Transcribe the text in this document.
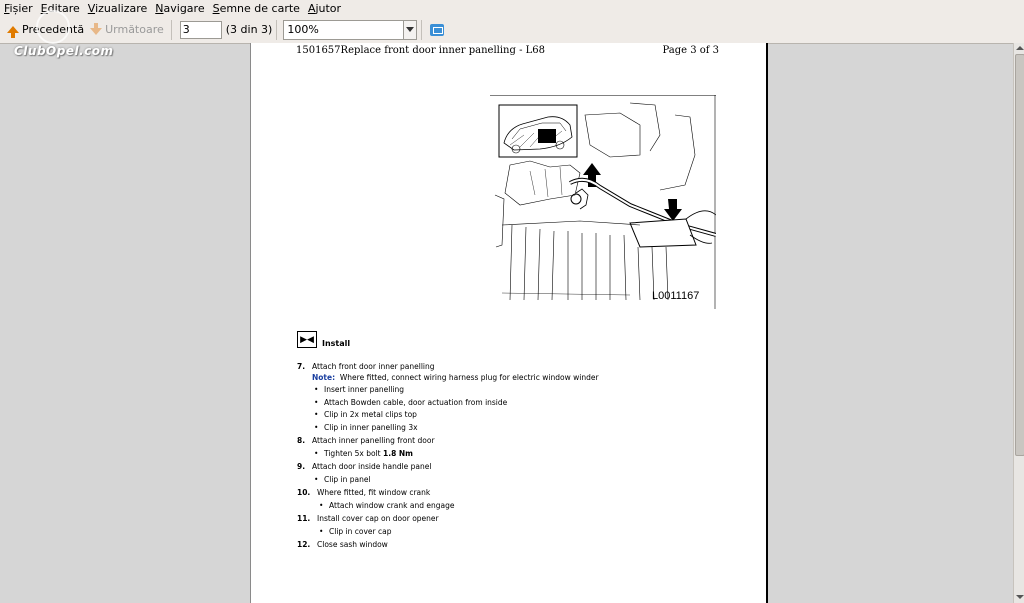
Fișier Editare Vizualizare Navigare Semne de carte Ajutor
Precedentă Următoare
3	(3 din 3)	100%
ClubOpel.com	1501657Replace front door inner panelling - L68	Page 3 of 3
L0011167
▶◀	Install
7. Attach front door inner panelling
Note: Where fitted, connect wiring harness plug for electric window winder
• Insert inner panelling
• Attach Bowden cable, door actuation from inside
• Clip in 2x metal clips top
• Clip in inner panelling 3x
8. Attach inner panelling front door
• Tighten 5x bolt
1.8 Nm
9. Attach door inside handle panel
• Clip in panel
10. Where fitted, fit window crank
• Attach window crank and engage
11. Install cover cap on door opener
• Clip in cover cap
12. Close sash window
